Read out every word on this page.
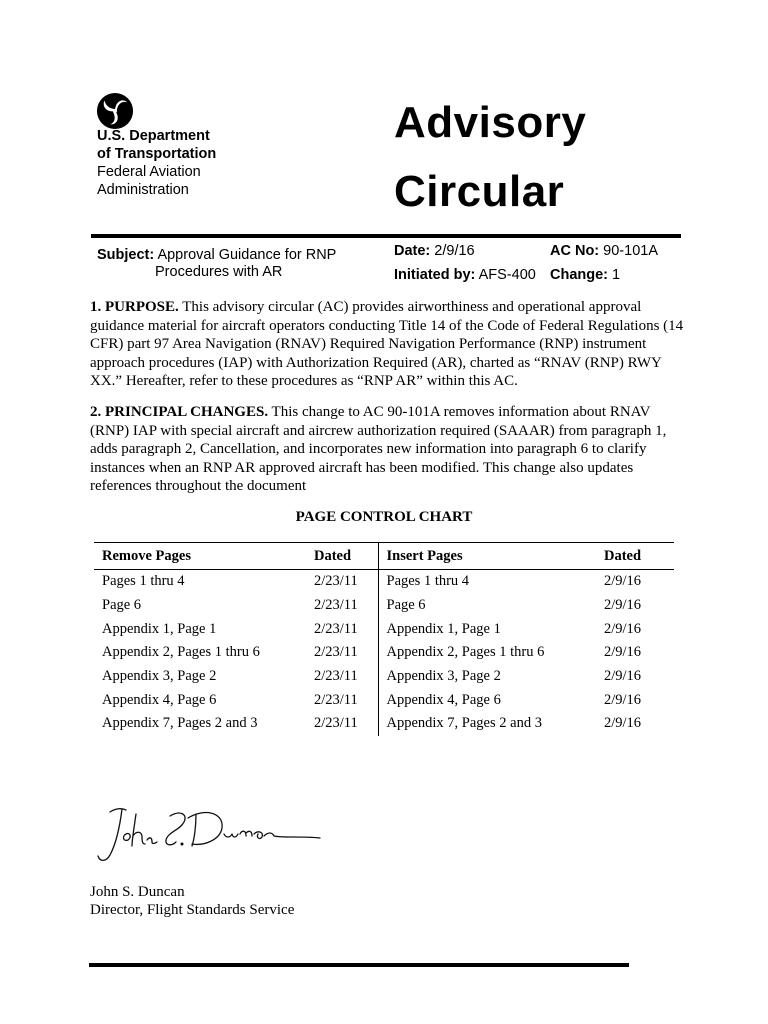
U.S. Department
of Transportation
Federal Aviation
Administration
Advisory
Circular
Subject: Approval Guidance for RNP
Procedures with AR
Date: 2/9/16	AC No: 90-101A
Initiated by: AFS-400 Change: 1
1. PURPOSE. This advisory circular (AC) provides airworthiness and operational approval guidance material for aircraft operators conducting Title 14 of the Code of Federal Regulations (14 CFR) part 97 Area Navigation (RNAV) Required Navigation Performance (RNP) instrument approach procedures (IAP) with Authorization Required (AR), charted as “RNAV (RNP) RWY XX.” Hereafter, refer to these procedures as “RNP AR” within this AC.
2. PRINCIPAL CHANGES. This change to AC 90-101A removes information about RNAV (RNP) IAP with special aircraft and aircrew authorization required (SAAAR) from paragraph 1, adds paragraph 2, Cancellation, and incorporates new information into paragraph 6 to clarify instances when an RNP AR approved aircraft has been modified. This change also updates references throughout the document
PAGE CONTROL CHART
Remove Pages	Dated	Insert Pages	Dated
Pages 1 thru 4	2/23/11	Pages 1 thru 4	2/9/16
Page 6	2/23/11	Page 6	2/9/16
Appendix 1, Page 1	2/23/11	Appendix 1, Page 1	2/9/16
Appendix 2, Pages 1 thru 6	2/23/11	Appendix 2, Pages 1 thru 6	2/9/16
Appendix 3, Page 2	2/23/11	Appendix 3, Page 2	2/9/16
Appendix 4, Page 6	2/23/11	Appendix 4, Page 6	2/9/16
Appendix 7, Pages 2 and 3	2/23/11	Appendix 7, Pages 2 and 3	2/9/16
John S. Duncan
Director, Flight Standards Service
